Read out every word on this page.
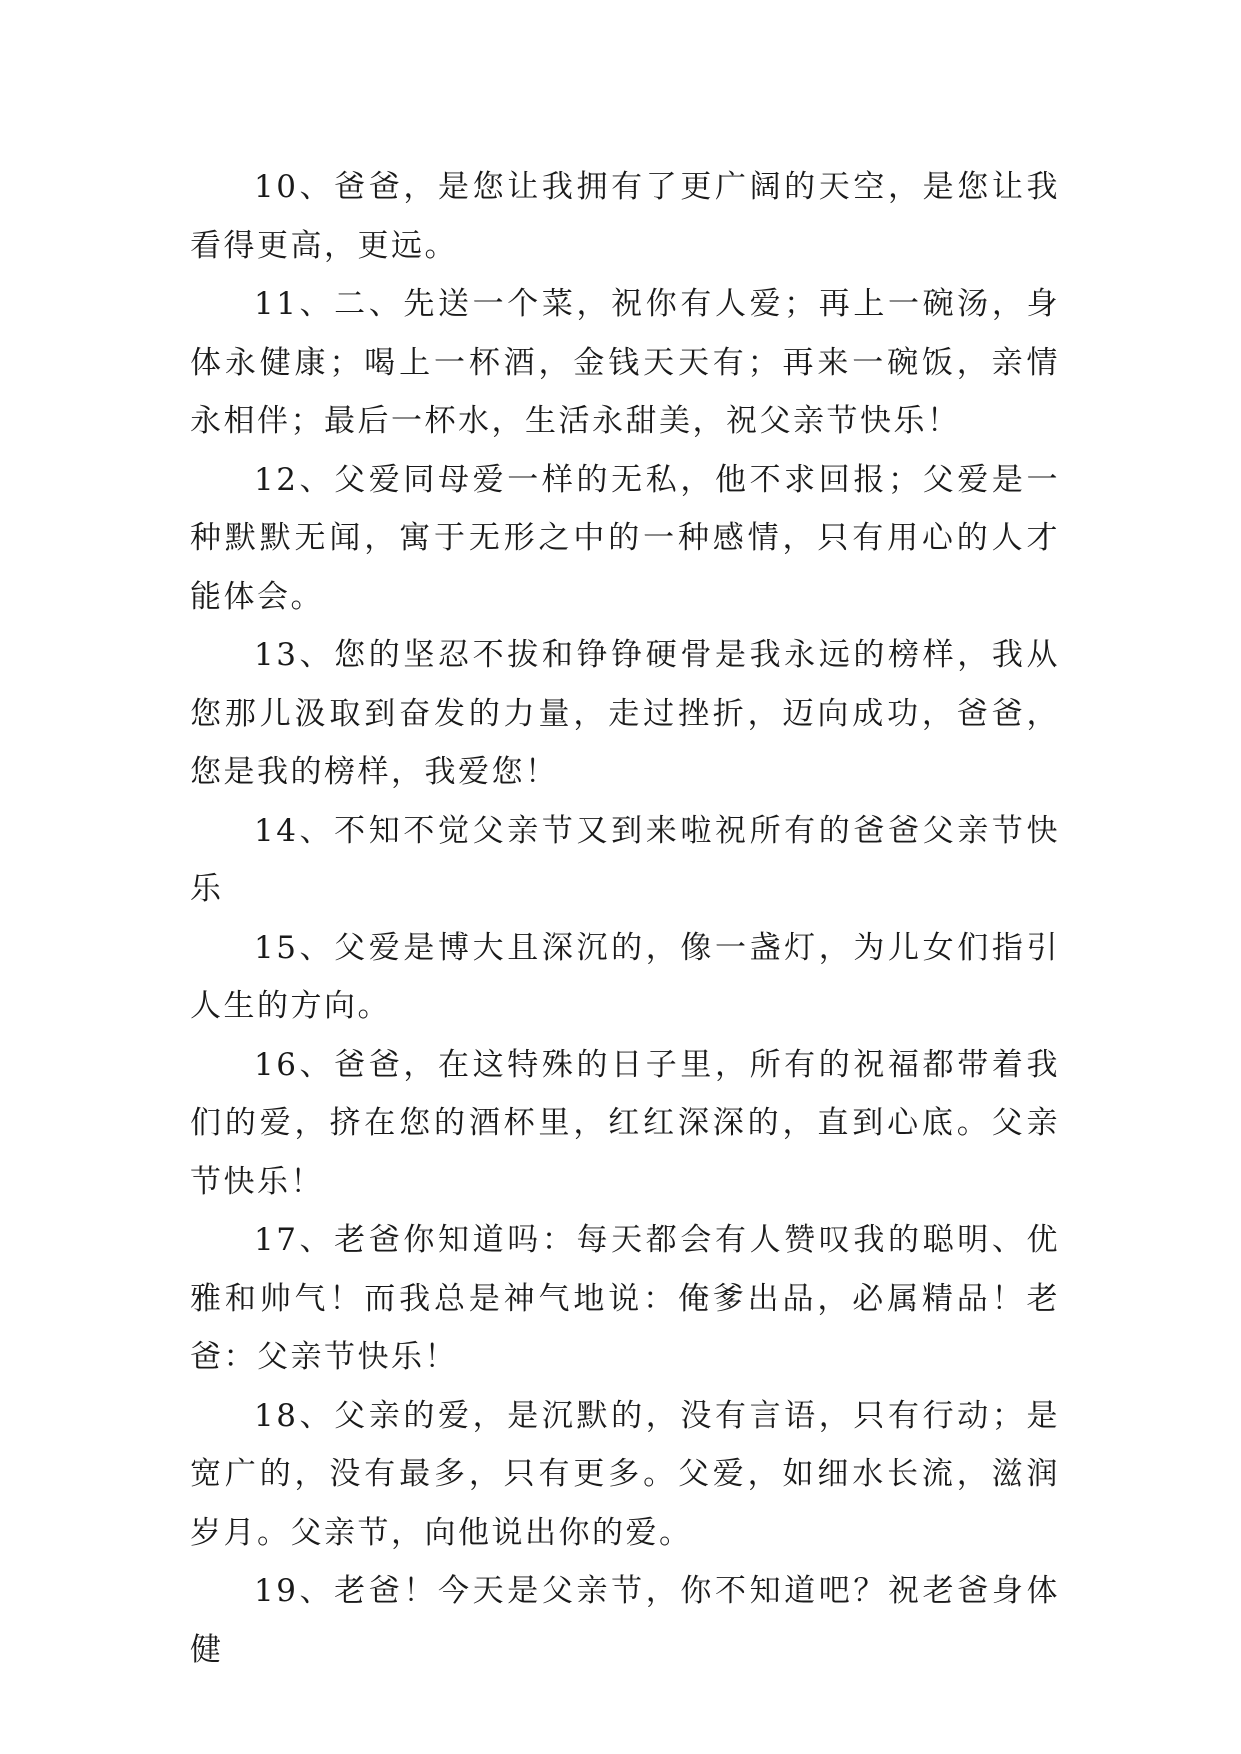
10、爸爸，是您让我拥有了更广阔的天空，是您让我看得更高，更远。

11、二、先送一个菜，祝你有人爱；再上一碗汤，身体永健康；喝上一杯酒，金钱天天有；再来一碗饭，亲情永相伴；最后一杯水，生活永甜美，祝父亲节快乐！

12、父爱同母爱一样的无私，他不求回报；父爱是一种默默无闻，寓于无形之中的一种感情，只有用心的人才能体会。

13、您的坚忍不拔和铮铮硬骨是我永远的榜样，我从您那儿汲取到奋发的力量，走过挫折，迈向成功，爸爸，您是我的榜样，我爱您！

14、不知不觉父亲节又到来啦祝所有的爸爸父亲节快乐

15、父爱是博大且深沉的，像一盏灯，为儿女们指引人生的方向。

16、爸爸，在这特殊的日子里，所有的祝福都带着我们的爱，挤在您的酒杯里，红红深深的，直到心底。父亲节快乐！

17、老爸你知道吗：每天都会有人赞叹我的聪明、优雅和帅气！而我总是神气地说：俺爹出品，必属精品！老爸：父亲节快乐！

18、父亲的爱，是沉默的，没有言语，只有行动；是宽广的，没有最多，只有更多。父爱，如细水长流，滋润岁月。父亲节，向他说出你的爱。

19、老爸！今天是父亲节，你不知道吧？祝老爸身体健
